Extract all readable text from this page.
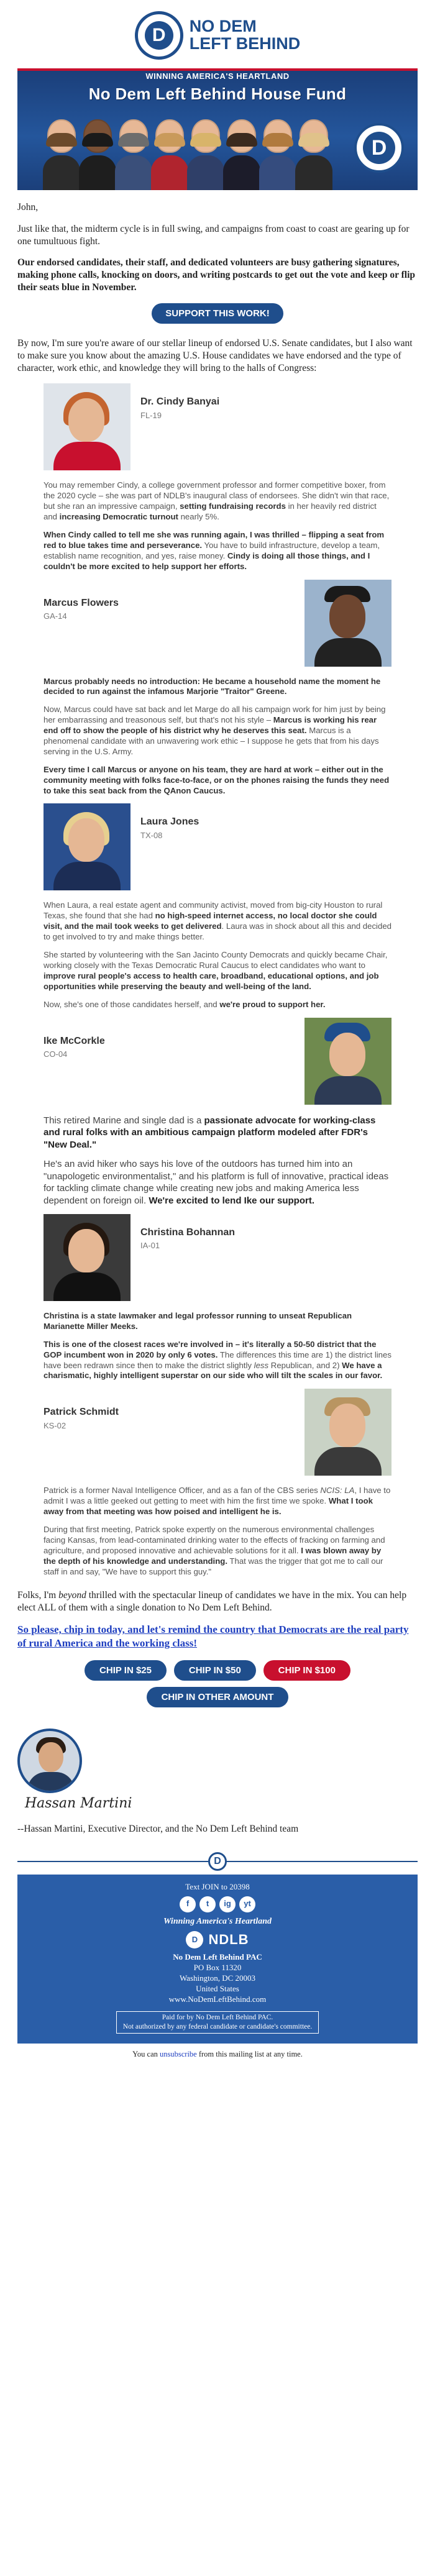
D	NO DEM
LEFT BEHIND
WINNING AMERICA'S HEARTLAND
No Dem Left Behind House Fund
D

John,

Just like that, the midterm cycle is in full swing, and campaigns from coast to coast are gearing up for one tumultuous fight.

Our endorsed candidates, their staff, and dedicated volunteers are busy gathering signatures, making phone calls, knocking on doors, and writing postcards to get out the vote and keep or flip their seats blue in November.

SUPPORT THIS WORK!

By now, I'm sure you're aware of our stellar lineup of endorsed U.S. Senate candidates, but I also want to make sure you know about the amazing U.S. House candidates we have endorsed and the type of character, work ethic, and knowledge they will bring to the halls of Congress:

Dr. Cindy Banyai
FL-19

You may remember Cindy, a college government professor and former competitive boxer, from the 2020 cycle – she was part of NDLB's inaugural class of endorsees. She didn't win that race, but she ran an impressive campaign, setting fundraising records in her heavily red district and increasing Democratic turnout nearly 5%.

When Cindy called to tell me she was running again, I was thrilled – flipping a seat from red to blue takes time and perseverance. You have to build infrastructure, develop a team, establish name recognition, and yes, raise money. Cindy is doing all those things, and I couldn't be more excited to help support her efforts.

Marcus Flowers
GA-14

Marcus probably needs no introduction: He became a household name the moment he decided to run against the infamous Marjorie "Traitor" Greene.

Now, Marcus could have sat back and let Marge do all his campaign work for him just by being her embarrassing and treasonous self, but that's not his style – Marcus is working his rear end off to show the people of his district why he deserves this seat. Marcus is a phenomenal candidate with an unwavering work ethic – I suppose he gets that from his days serving in the U.S. Army.

Every time I call Marcus or anyone on his team, they are hard at work – either out in the community meeting with folks face-to-face, or on the phones raising the funds they need to take this seat back from the QAnon Caucus.

Laura Jones
TX-08

When Laura, a real estate agent and community activist, moved from big-city Houston to rural Texas, she found that she had no high-speed internet access, no local doctor she could visit, and the mail took weeks to get delivered. Laura was in shock about all this and decided to get involved to try and make things better.

She started by volunteering with the San Jacinto County Democrats and quickly became Chair, working closely with the Texas Democratic Rural Caucus to elect candidates who want to improve rural people's access to health care, broadband, educational options, and job opportunities while preserving the beauty and well-being of the land.

Now, she's one of those candidates herself, and we're proud to support her.

Ike McCorkle
CO-04

This retired Marine and single dad is a passionate advocate for working-class and rural folks with an ambitious campaign platform modeled after FDR's "New Deal."

He's an avid hiker who says his love of the outdoors has turned him into an "unapologetic environmentalist," and his platform is full of innovative, practical ideas for tackling climate change while creating new jobs and making America less dependent on foreign oil. We're excited to lend Ike our support.

Christina Bohannan
IA-01

Christina is a state lawmaker and legal professor running to unseat Republican Marianette Miller Meeks.

This is one of the closest races we're involved in – it's literally a 50-50 district that the GOP incumbent won in 2020 by only 6 votes. The differences this time are 1) the district lines have been redrawn since then to make the district slightly less Republican, and 2) We have a charismatic, highly intelligent superstar on our side who will tilt the scales in our favor.

Patrick Schmidt
KS-02

Patrick is a former Naval Intelligence Officer, and as a fan of the CBS series NCIS: LA, I have to admit I was a little geeked out getting to meet with him the first time we spoke. What I took away from that meeting was how poised and intelligent he is.

During that first meeting, Patrick spoke expertly on the numerous environmental challenges facing Kansas, from lead-contaminated drinking water to the effects of fracking on farming and agriculture, and proposed innovative and achievable solutions for it all. I was blown away by the depth of his knowledge and understanding. That was the trigger that got me to call our staff in and say, "We have to support this guy."

Folks, I'm beyond thrilled with the spectacular lineup of candidates we have in the mix. You can help elect ALL of them with a single donation to No Dem Left Behind.

So please, chip in today, and let's remind the country that Democrats are the real party of rural America and the working class!

CHIP IN $25	CHIP IN $50	CHIP IN $100
CHIP IN OTHER AMOUNT
Hassan Martini
--Hassan Martini, Executive Director, and the No Dem Left Behind team
D
Text JOIN to 20398
f	t	ig	yt
Winning America's Heartland
D NDLB
No Dem Left Behind PAC
PO Box 11320
Washington, DC 20003
United States
www.NoDemLeftBehind.com
Paid for by No Dem Left Behind PAC.
Not authorized by any federal candidate or candidate's committee.
You can unsubscribe from this mailing list at any time.
